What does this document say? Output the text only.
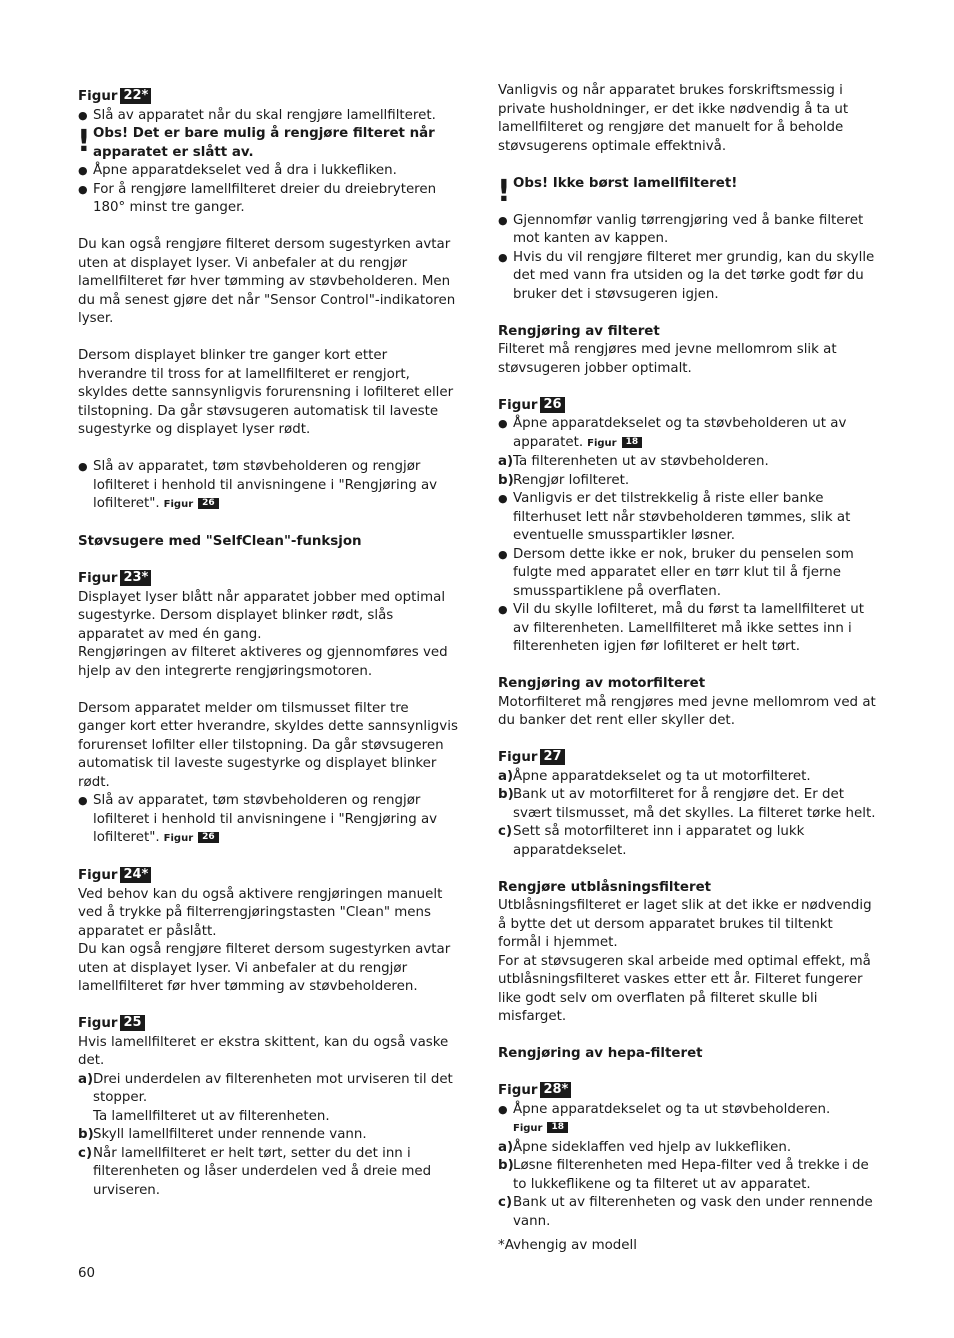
Figur 22*

● Slå av apparatet når du skal rengjøre lamellfilteret.

! Obs! Det er bare mulig å rengjøre filteret når apparatet er slått av.

● Åpne apparatdekselet ved å dra i lukkefliken.

● For å rengjøre lamellfilteret dreier du dreiebryteren 180° minst tre ganger.

Du kan også rengjøre filteret dersom sugestyrken avtar uten at displayet lyser. Vi anbefaler at du rengjør lamellfilteret før hver tømming av støvbeholderen. Men du må senest gjøre det når "Sensor Control"-indikatoren lyser.

Dersom displayet blinker tre ganger kort etter hverandre til tross for at lamellfilteret er rengjort, skyldes dette sannsynligvis forurensning i lofilteret eller tilstopning. Da går støvsugeren automatisk til laveste sugestyrke og displayet lyser rødt.

● Slå av apparatet, tøm støvbeholderen og rengjør lofilteret i henhold til anvisningene i "Rengjøring av lofilteret". Figur 26

Støvsugere med "SelfClean"-funksjon

Figur 23*

Displayet lyser blått når apparatet jobber med optimal sugestyrke. Dersom displayet blinker rødt, slås apparatet av med én gang.

Rengjøringen av filteret aktiveres og gjennomføres ved hjelp av den integrerte rengjøringsmotoren.

Dersom apparatet melder om tilsmusset filter tre ganger kort etter hverandre, skyldes dette sannsynligvis forurenset lofilter eller tilstopning. Da går støvsugeren automatisk til laveste sugestyrke og displayet blinker rødt.

● Slå av apparatet, tøm støvbeholderen og rengjør lofilteret i henhold til anvisningene i "Rengjøring av lofilteret". Figur 26

Figur 24*

Ved behov kan du også aktivere rengjøringen manuelt ved å trykke på filterrengjøringstasten "Clean" mens apparatet er påslått.

Du kan også rengjøre filteret dersom sugestyrken avtar uten at displayet lyser. Vi anbefaler at du rengjør lamellfilteret før hver tømming av støvbeholderen.

Figur 25

Hvis lamellfilteret er ekstra skittent, kan du også vaske det.

a) Drei underdelen av filterenheten mot urviseren til det stopper.

Ta lamellfilteret ut av filterenheten.

b) Skyll lamellfilteret under rennende vann.

c) Når lamellfilteret er helt tørt, setter du det inn i filterenheten og låser underdelen ved å dreie med urviseren.

Vanligvis og når apparatet brukes forskriftsmessig i private husholdninger, er det ikke nødvendig å ta ut lamellfilteret og rengjøre det manuelt for å beholde støvsugerens optimale effektnivå.

! Obs! Ikke børst lamellfilteret!

● Gjennomfør vanlig tørrengjøring ved å banke filteret mot kanten av kappen.

● Hvis du vil rengjøre filteret mer grundig, kan du skylle det med vann fra utsiden og la det tørke godt før du bruker det i støvsugeren igjen.

Rengjøring av filteret

Filteret må rengjøres med jevne mellomrom slik at støvsugeren jobber optimalt.

Figur 26

● Åpne apparatdekselet og ta støvbeholderen ut av apparatet. Figur 18

a) Ta filterenheten ut av støvbeholderen.

b) Rengjør lofilteret.

● Vanligvis er det tilstrekkelig å riste eller banke filterhuset lett når støvbeholderen tømmes, slik at eventuelle smusspartikler løsner.

● Dersom dette ikke er nok, bruker du penselen som fulgte med apparatet eller en tørr klut til å fjerne smusspartiklene på overflaten.

● Vil du skylle lofilteret, må du først ta lamellfilteret ut av filterenheten. Lamellfilteret må ikke settes inn i filterenheten igjen før lofilteret er helt tørt.

Rengjøring av motorfilteret

Motorfilteret må rengjøres med jevne mellomrom ved at du banker det rent eller skyller det.

Figur 27

a) Åpne apparatdekselet og ta ut motorfilteret.

b) Bank ut av motorfilteret for å rengjøre det. Er det svært tilsmusset, må det skylles. La filteret tørke helt.

c) Sett så motorfilteret inn i apparatet og lukk apparatdekselet.

Rengjøre utblåsningsfilteret

Utblåsningsfilteret er laget slik at det ikke er nødvendig å bytte det ut dersom apparatet brukes til tiltenkt formål i hjemmet.

For at støvsugeren skal arbeide med optimal effekt, må utblåsningsfilteret vaskes etter ett år. Filteret fungerer like godt selv om overflaten på filteret skulle bli misfarget.

Rengjøring av hepa-filteret

Figur 28*

● Åpne apparatdekselet og ta ut støvbeholderen.

Figur 18

a) Åpne sideklaffen ved hjelp av lukkefliken.

b) Løsne filterenheten med Hepa-filter ved å trekke i de to lukkeflikene og ta filteret ut av apparatet.

c) Bank ut av filterenheten og vask den under rennende vann.

*Avhengig av modell

60
